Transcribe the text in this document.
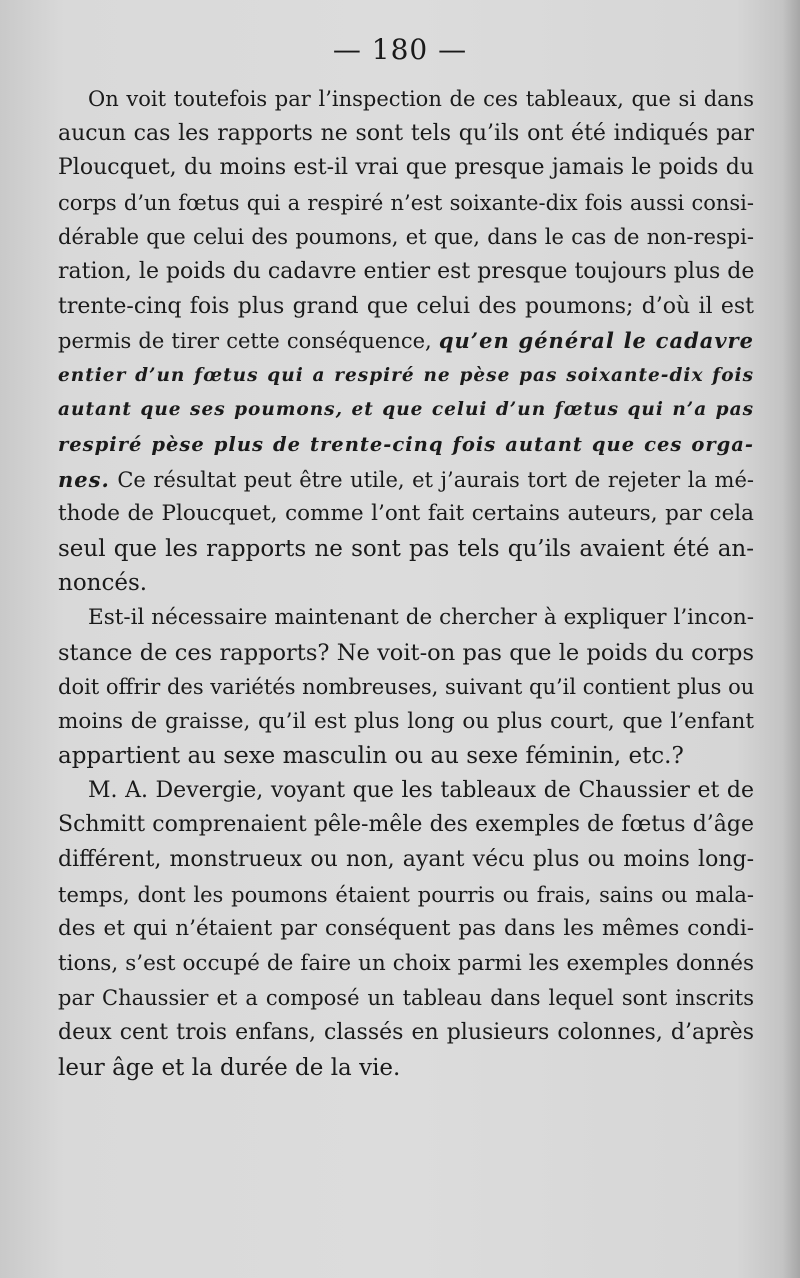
— 180 —
On voit toutefois par l’inspection de ces tableaux, que si dans
aucun cas les rapports ne sont tels qu’ils ont été indiqués par
Ploucquet, du moins est-il vrai que presque jamais le poids du
corps d’un fœtus qui a respiré n’est soixante-dix fois aussi consi-
dérable que celui des poumons, et que, dans le cas de non-respi-
ration, le poids du cadavre entier est presque toujours plus de
trente-cinq fois plus grand que celui des poumons; d’où il est
permis de tirer cette conséquence, qu’en général le cadavre
entier d’un fœtus qui a respiré ne pèse pas soixante-dix fois
autant que ses poumons, et que celui d’un fœtus qui n’a pas
respiré pèse plus de trente-cinq fois autant que ces orga-
nes. Ce résultat peut être utile, et j’aurais tort de rejeter la mé-
thode de Ploucquet, comme l’ont fait certains auteurs, par cela
seul que les rapports ne sont pas tels qu’ils avaient été an-
noncés.
Est-il nécessaire maintenant de chercher à expliquer l’incon-
stance de ces rapports? Ne voit-on pas que le poids du corps
doit offrir des variétés nombreuses, suivant qu’il contient plus ou
moins de graisse, qu’il est plus long ou plus court, que l’enfant
appartient au sexe masculin ou au sexe féminin, etc.?
M. A. Devergie, voyant que les tableaux de Chaussier et de
Schmitt comprenaient pêle-mêle des exemples de fœtus d’âge
différent, monstrueux ou non, ayant vécu plus ou moins long-
temps, dont les poumons étaient pourris ou frais, sains ou mala-
des et qui n’étaient par conséquent pas dans les mêmes condi-
tions, s’est occupé de faire un choix parmi les exemples donnés
par Chaussier et a composé un tableau dans lequel sont inscrits
deux cent trois enfans, classés en plusieurs colonnes, d’après
leur âge et la durée de la vie.
